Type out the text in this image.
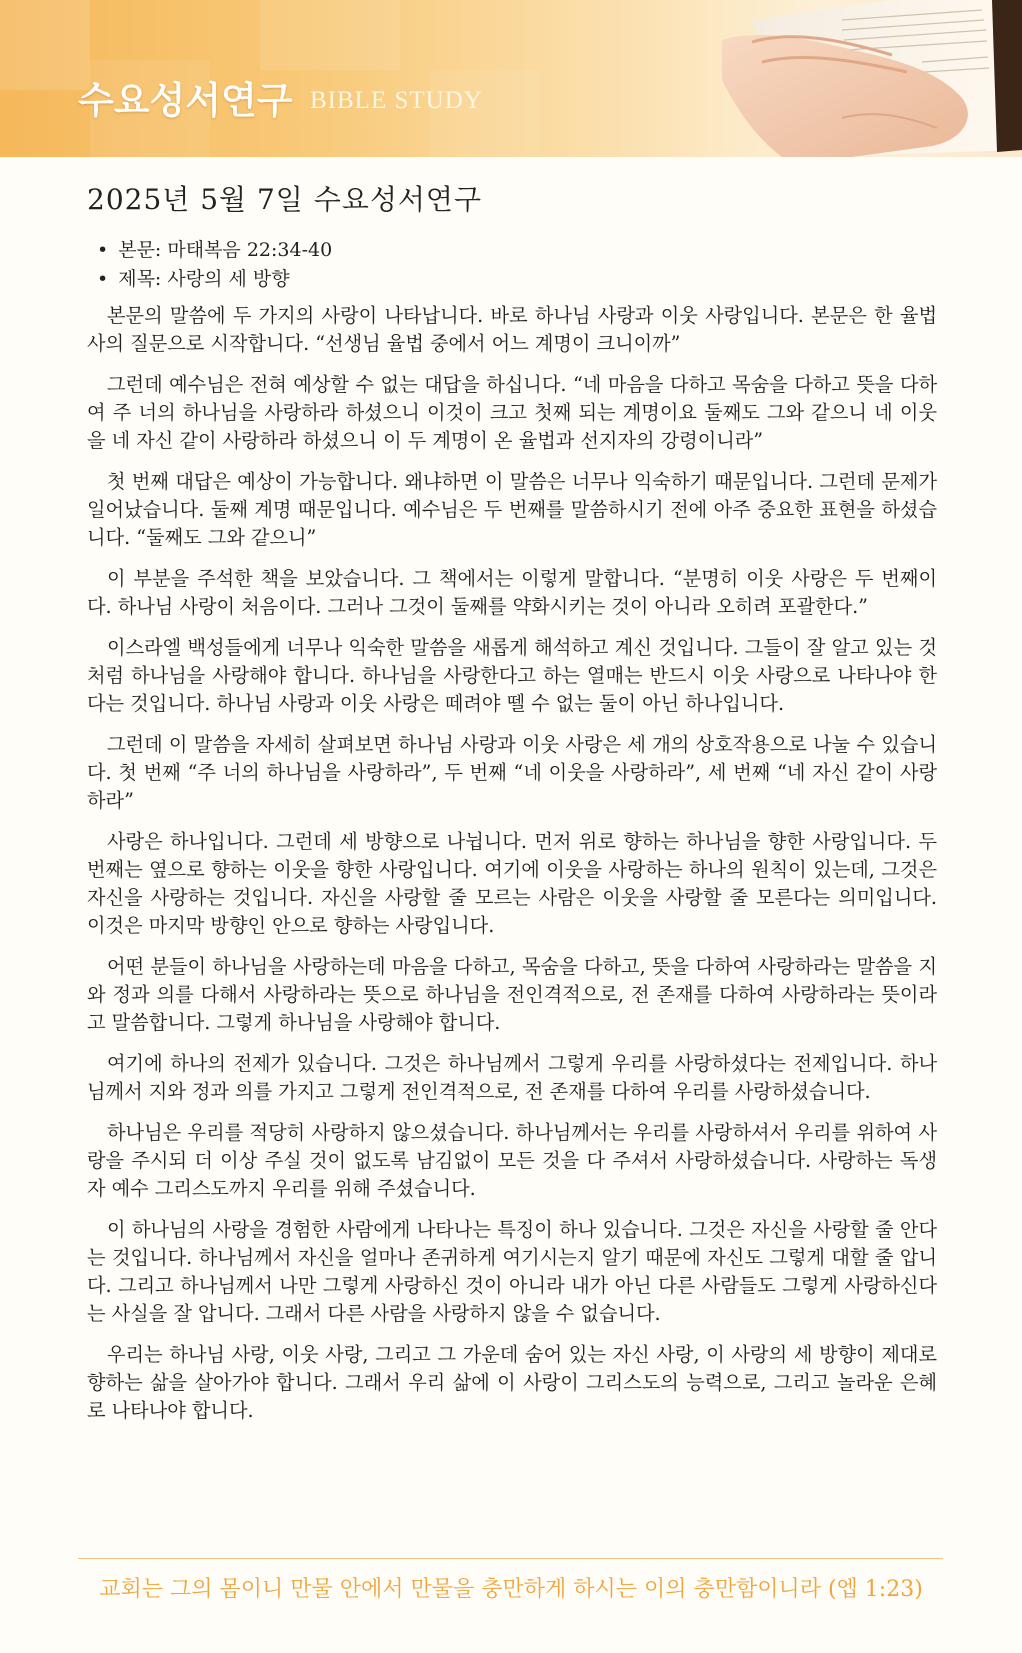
수요성서연구 BIBLE STUDY
2025년 5월 7일 수요성서연구
• 본문: 마태복음 22:34-40
• 제목: 사랑의 세 방향

본문의 말씀에 두 가지의 사랑이 나타납니다. 바로 하나님 사랑과 이웃 사랑입니다. 본문은 한 율법사의 질문으로 시작합니다. “선생님 율법 중에서 어느 계명이 크니이까”

그런데 예수님은 전혀 예상할 수 없는 대답을 하십니다. “네 마음을 다하고 목숨을 다하고 뜻을 다하여 주 너의 하나님을 사랑하라 하셨으니 이것이 크고 첫째 되는 계명이요 둘째도 그와 같으니 네 이웃을 네 자신 같이 사랑하라 하셨으니 이 두 계명이 온 율법과 선지자의 강령이니라”

첫 번째 대답은 예상이 가능합니다. 왜냐하면 이 말씀은 너무나 익숙하기 때문입니다. 그런데 문제가 일어났습니다. 둘째 계명 때문입니다. 예수님은 두 번째를 말씀하시기 전에 아주 중요한 표현을 하셨습니다. “둘째도 그와 같으니”

이 부분을 주석한 책을 보았습니다. 그 책에서는 이렇게 말합니다. “분명히 이웃 사랑은 두 번째이다. 하나님 사랑이 처음이다. 그러나 그것이 둘째를 약화시키는 것이 아니라 오히려 포괄한다.”

이스라엘 백성들에게 너무나 익숙한 말씀을 새롭게 해석하고 계신 것입니다. 그들이 잘 알고 있는 것처럼 하나님을 사랑해야 합니다. 하나님을 사랑한다고 하는 열매는 반드시 이웃 사랑으로 나타나야 한다는 것입니다. 하나님 사랑과 이웃 사랑은 떼려야 뗄 수 없는 둘이 아닌 하나입니다.

그런데 이 말씀을 자세히 살펴보면 하나님 사랑과 이웃 사랑은 세 개의 상호작용으로 나눌 수 있습니다. 첫 번째 “주 너의 하나님을 사랑하라”, 두 번째 “네 이웃을 사랑하라”, 세 번째 “네 자신 같이 사랑하라”

사랑은 하나입니다. 그런데 세 방향으로 나뉩니다. 먼저 위로 향하는 하나님을 향한 사랑입니다. 두 번째는 옆으로 향하는 이웃을 향한 사랑입니다. 여기에 이웃을 사랑하는 하나의 원칙이 있는데, 그것은 자신을 사랑하는 것입니다. 자신을 사랑할 줄 모르는 사람은 이웃을 사랑할 줄 모른다는 의미입니다. 이것은 마지막 방향인 안으로 향하는 사랑입니다.

어떤 분들이 하나님을 사랑하는데 마음을 다하고, 목숨을 다하고, 뜻을 다하여 사랑하라는 말씀을 지와 정과 의를 다해서 사랑하라는 뜻으로 하나님을 전인격적으로, 전 존재를 다하여 사랑하라는 뜻이라고 말씀합니다. 그렇게 하나님을 사랑해야 합니다.

여기에 하나의 전제가 있습니다. 그것은 하나님께서 그렇게 우리를 사랑하셨다는 전제입니다. 하나님께서 지와 정과 의를 가지고 그렇게 전인격적으로, 전 존재를 다하여 우리를 사랑하셨습니다.

하나님은 우리를 적당히 사랑하지 않으셨습니다. 하나님께서는 우리를 사랑하셔서 우리를 위하여 사랑을 주시되 더 이상 주실 것이 없도록 남김없이 모든 것을 다 주셔서 사랑하셨습니다. 사랑하는 독생자 예수 그리스도까지 우리를 위해 주셨습니다.

이 하나님의 사랑을 경험한 사람에게 나타나는 특징이 하나 있습니다. 그것은 자신을 사랑할 줄 안다는 것입니다. 하나님께서 자신을 얼마나 존귀하게 여기시는지 알기 때문에 자신도 그렇게 대할 줄 압니다. 그리고 하나님께서 나만 그렇게 사랑하신 것이 아니라 내가 아닌 다른 사람들도 그렇게 사랑하신다는 사실을 잘 압니다. 그래서 다른 사람을 사랑하지 않을 수 없습니다.

우리는 하나님 사랑, 이웃 사랑, 그리고 그 가운데 숨어 있는 자신 사랑, 이 사랑의 세 방향이 제대로 향하는 삶을 살아가야 합니다. 그래서 우리 삶에 이 사랑이 그리스도의 능력으로, 그리고 놀라운 은혜로 나타나야 합니다.

교회는 그의 몸이니 만물 안에서 만물을 충만하게 하시는 이의 충만함이니라 (엡 1:23)
